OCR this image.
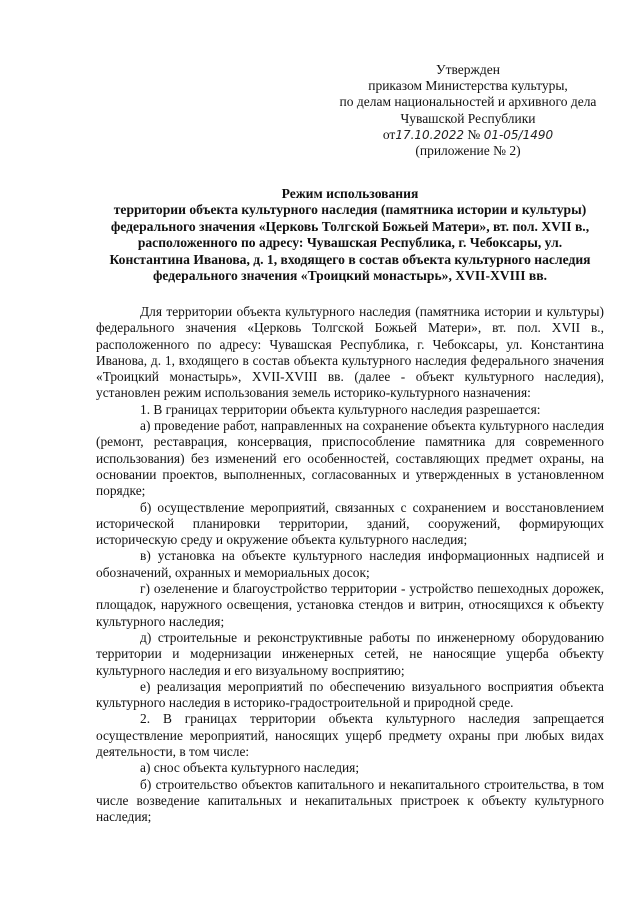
Утвержден
приказом Министерства культуры,
по делам национальностей и архивного дела
Чувашской Республики
от17.10.2022 № 01-05/1490
(приложение № 2)
Режим использования
территории объекта культурного наследия (памятника истории и культуры)
федерального значения «Церковь Толгской Божьей Матери», вт. пол. XVII в.,
расположенного по адресу: Чувашская Республика, г. Чебоксары, ул.
Константина Иванова, д. 1, входящего в состав объекта культурного наследия
федерального значения «Троицкий монастырь», XVII-XVIII вв.

Для территории объекта культурного наследия (памятника истории и культуры) федерального значения «Церковь Толгской Божьей Матери», вт. пол. XVII в., расположенного по адресу: Чувашская Республика, г. Чебоксары, ул. Константина Иванова, д. 1, входящего в состав объекта культурного наследия федерального значения «Троицкий монастырь», XVII-XVIII вв. (далее - объект культурного наследия), установлен режим использования земель историко-культурного назначения:

1. В границах территории объекта культурного наследия разрешается:

а) проведение работ, направленных на сохранение объекта культурного наследия (ремонт, реставрация, консервация, приспособление памятника для современного использования) без изменений его особенностей, составляющих предмет охраны, на основании проектов, выполненных, согласованных и утвержденных в установленном порядке;

б) осуществление мероприятий, связанных с сохранением и восстановлением исторической планировки территории, зданий, сооружений, формирующих историческую среду и окружение объекта культурного наследия;

в) установка на объекте культурного наследия информационных надписей и обозначений, охранных и мемориальных досок;

г) озеленение и благоустройство территории - устройство пешеходных дорожек, площадок, наружного освещения, установка стендов и витрин, относящихся к объекту культурного наследия;

д) строительные и реконструктивные работы по инженерному оборудованию территории и модернизации инженерных сетей, не наносящие ущерба объекту культурного наследия и его визуальному восприятию;

е) реализация мероприятий по обеспечению визуального восприятия объекта культурного наследия в историко-градостроительной и природной среде.

2. В границах территории объекта культурного наследия запрещается осуществление мероприятий, наносящих ущерб предмету охраны при любых видах деятельности, в том числе:

а) снос объекта культурного наследия;

б) строительство объектов капитального и некапитального строительства, в том числе возведение капитальных и некапитальных пристроек к объекту культурного наследия;
